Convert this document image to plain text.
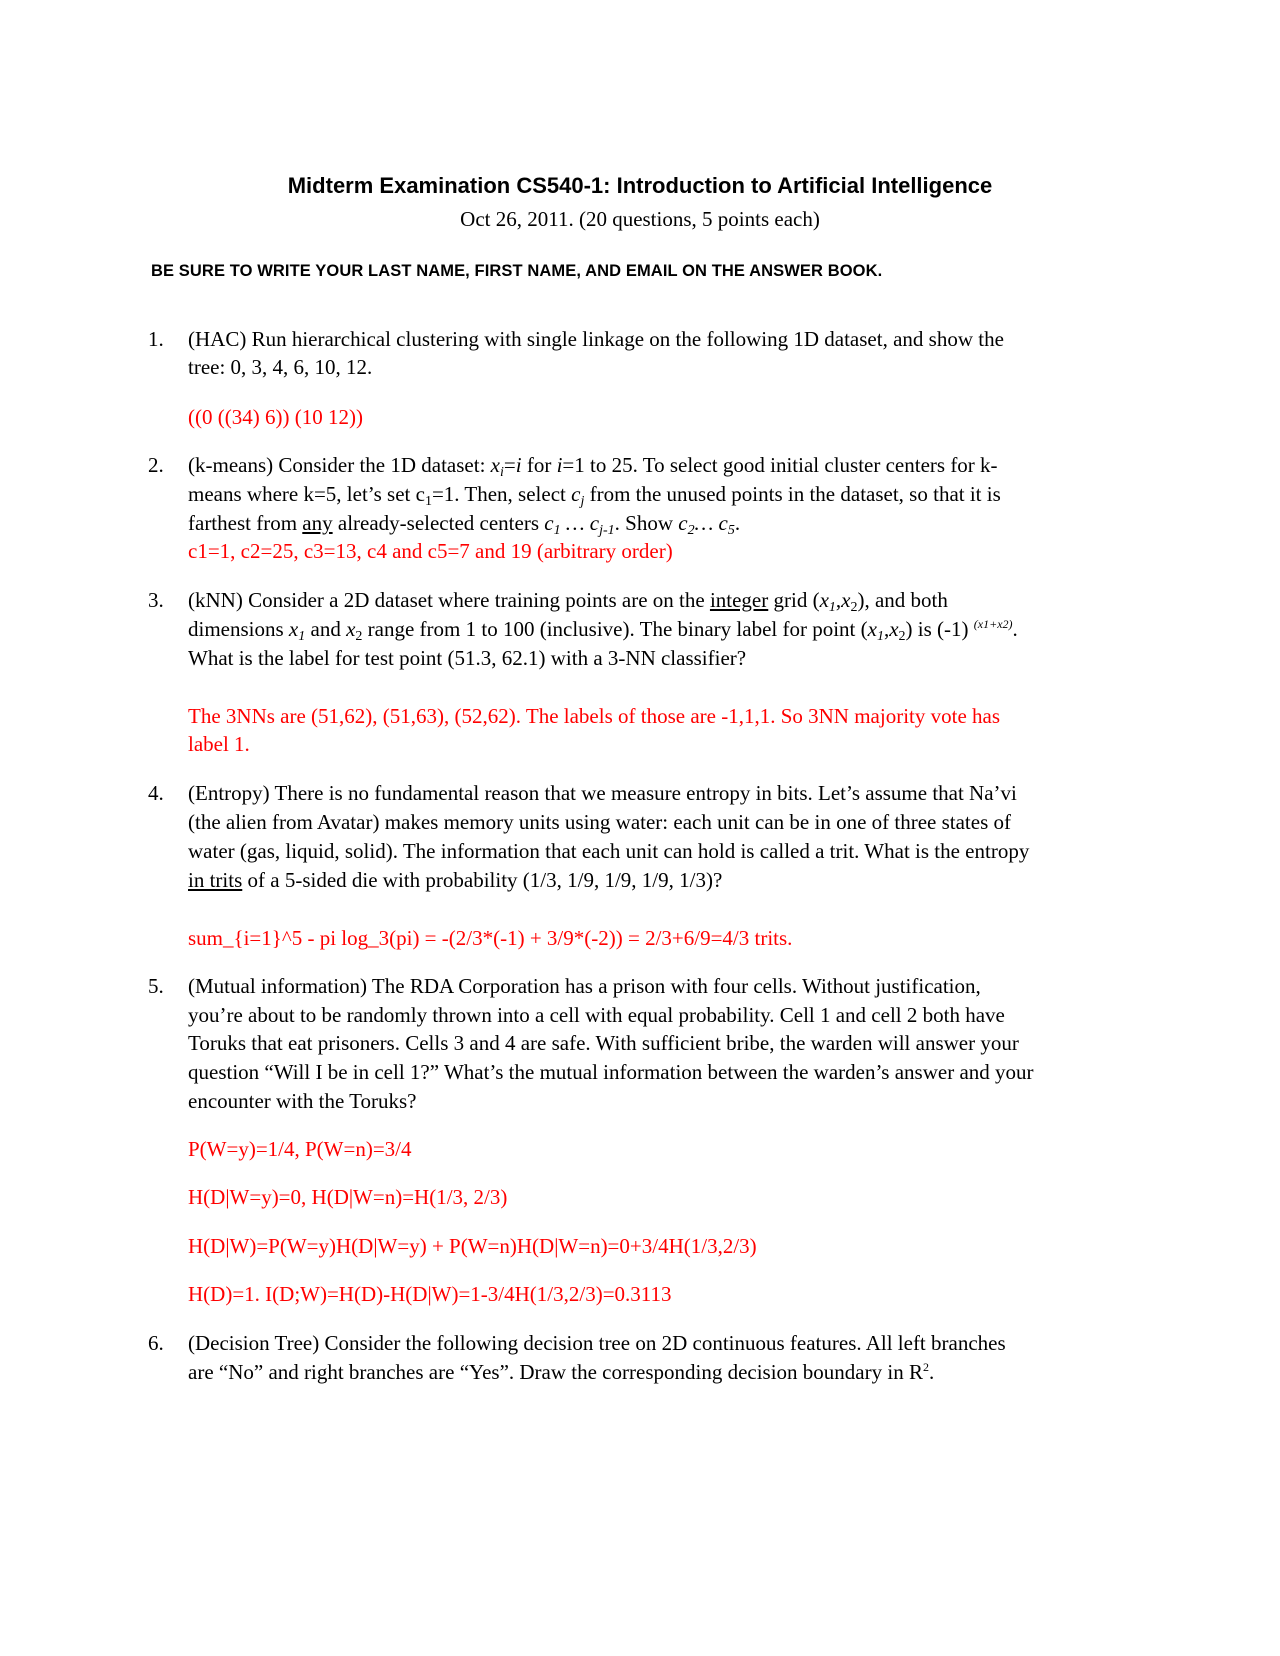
Midterm Examination CS540-1: Introduction to Artificial Intelligence
Oct 26, 2011. (20 questions, 5 points each)
BE SURE TO WRITE YOUR LAST NAME, FIRST NAME, AND EMAIL ON THE ANSWER BOOK.
1. (HAC) Run hierarchical clustering with single linkage on the following 1D dataset, and show the
tree: 0, 3, 4, 6, 10, 12.
((0 ((34) 6)) (10 12))
2. (k-means) Consider the 1D dataset: $x_i=i$ for i=1 to 25. To select good initial cluster centers for k-
means where k=5, let’s set $c_1=1$. Then, select $c_j$ from the unused points in the dataset, so that it is
farthest from any already-selected centers $c_1$ … $c_{j-1}$. Show $c_2\dots$ $c_5$.
c1=1, c2=25, c3=13, c4 and c5=7 and 19 (arbitrary order)
3. (kNN) Consider a 2D dataset where training points are on the integer grid $(x_1,x_2)$, and both
dimensions $x_1$ and $x_2$ range from 1 to 100 (inclusive). The binary label for point $(x_1,x_2)$ is (-1) $^{(x1+x2)}$.
What is the label for test point (51.3, 62.1) with a 3-NN classifier?
The 3NNs are (51,62), (51,63), (52,62). The labels of those are -1,1,1. So 3NN majority vote has
label 1.
4. (Entropy) There is no fundamental reason that we measure entropy in bits. Let’s assume that Na’vi
(the alien from Avatar) makes memory units using water: each unit can be in one of three states of
water (gas, liquid, solid). The information that each unit can hold is called a trit. What is the entropy
in trits of a 5-sided die with probability (1/3, 1/9, 1/9, 1/9, 1/3)?
sum_{i=1}^5 - pi log_3(pi) = -(2/3*(-1) + 3/9*(-2)) = 2/3+6/9=4/3 trits.
5. (Mutual information) The RDA Corporation has a prison with four cells. Without justification,
you’re about to be randomly thrown into a cell with equal probability. Cell 1 and cell 2 both have
Toruks that eat prisoners. Cells 3 and 4 are safe. With sufficient bribe, the warden will answer your
question “Will I be in cell 1?” What’s the mutual information between the warden’s answer and your
encounter with the Toruks?
P(W=y)=1/4, P(W=n)=3/4
H(D|W=y)=0, H(D|W=n)=H(1/3, 2/3)
H(D|W)=P(W=y)H(D|W=y) + P(W=n)H(D|W=n)=0+3/4H(1/3,2/3)
H(D)=1. I(D;W)=H(D)-H(D|W)=1-3/4H(1/3,2/3)=0.3113
6. (Decision Tree) Consider the following decision tree on 2D continuous features. All left branches
are “No” and right branches are “Yes”. Draw the corresponding decision boundary in $R^2$.
